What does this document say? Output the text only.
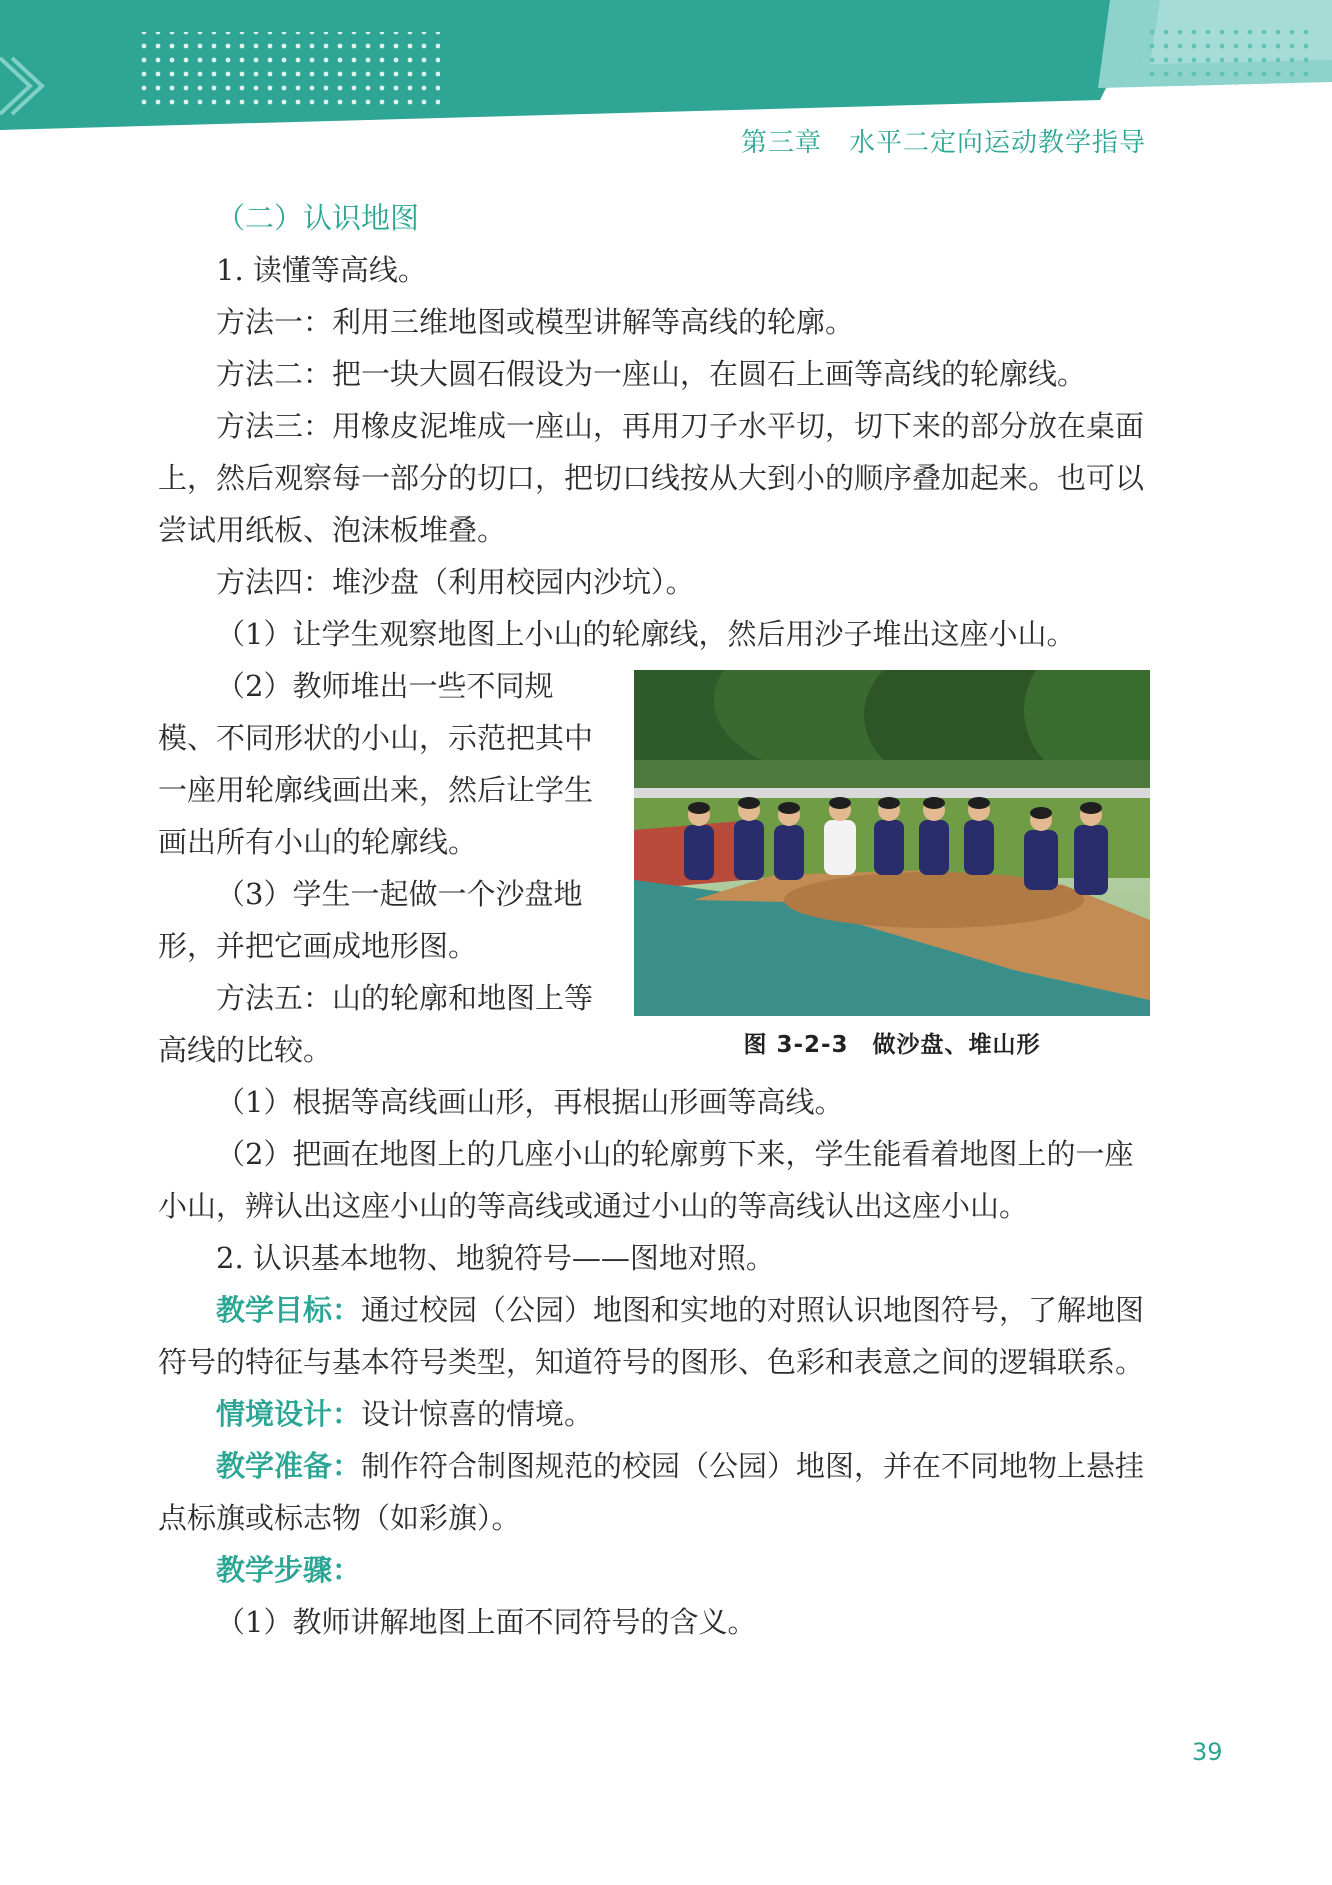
第三章　水平二定向运动教学指导

（二）认识地图

1. 读懂等高线。

方法一：利用三维地图或模型讲解等高线的轮廓。

方法二：把一块大圆石假设为一座山，在圆石上画等高线的轮廓线。

方法三：用橡皮泥堆成一座山，再用刀子水平切，切下来的部分放在桌面上，然后观察每一部分的切口，把切口线按从大到小的顺序叠加起来。也可以尝试用纸板、泡沫板堆叠。

方法四：堆沙盘（利用校园内沙坑）。

（1）让学生观察地图上小山的轮廓线，然后用沙子堆出这座小山。

（2）教师堆出一些不同规模、不同形状的小山，示范把其中一座用轮廓线画出来，然后让学生画出所有小山的轮廓线。

（3）学生一起做一个沙盘地形，并把它画成地形图。

方法五：山的轮廓和地图上等高线的比较。	图 3-2-3　做沙盘、堆山形

（1）根据等高线画山形，再根据山形画等高线。

（2）把画在地图上的几座小山的轮廓剪下来，学生能看着地图上的一座小山，辨认出这座小山的等高线或通过小山的等高线认出这座小山。

2. 认识基本地物、地貌符号——图地对照。

教学目标：通过校园（公园）地图和实地的对照认识地图符号，了解地图符号的特征与基本符号类型，知道符号的图形、色彩和表意之间的逻辑联系。

情境设计：设计惊喜的情境。

教学准备：制作符合制图规范的校园（公园）地图，并在不同地物上悬挂点标旗或标志物（如彩旗）。

教学步骤：

（1）教师讲解地图上面不同符号的含义。

39
